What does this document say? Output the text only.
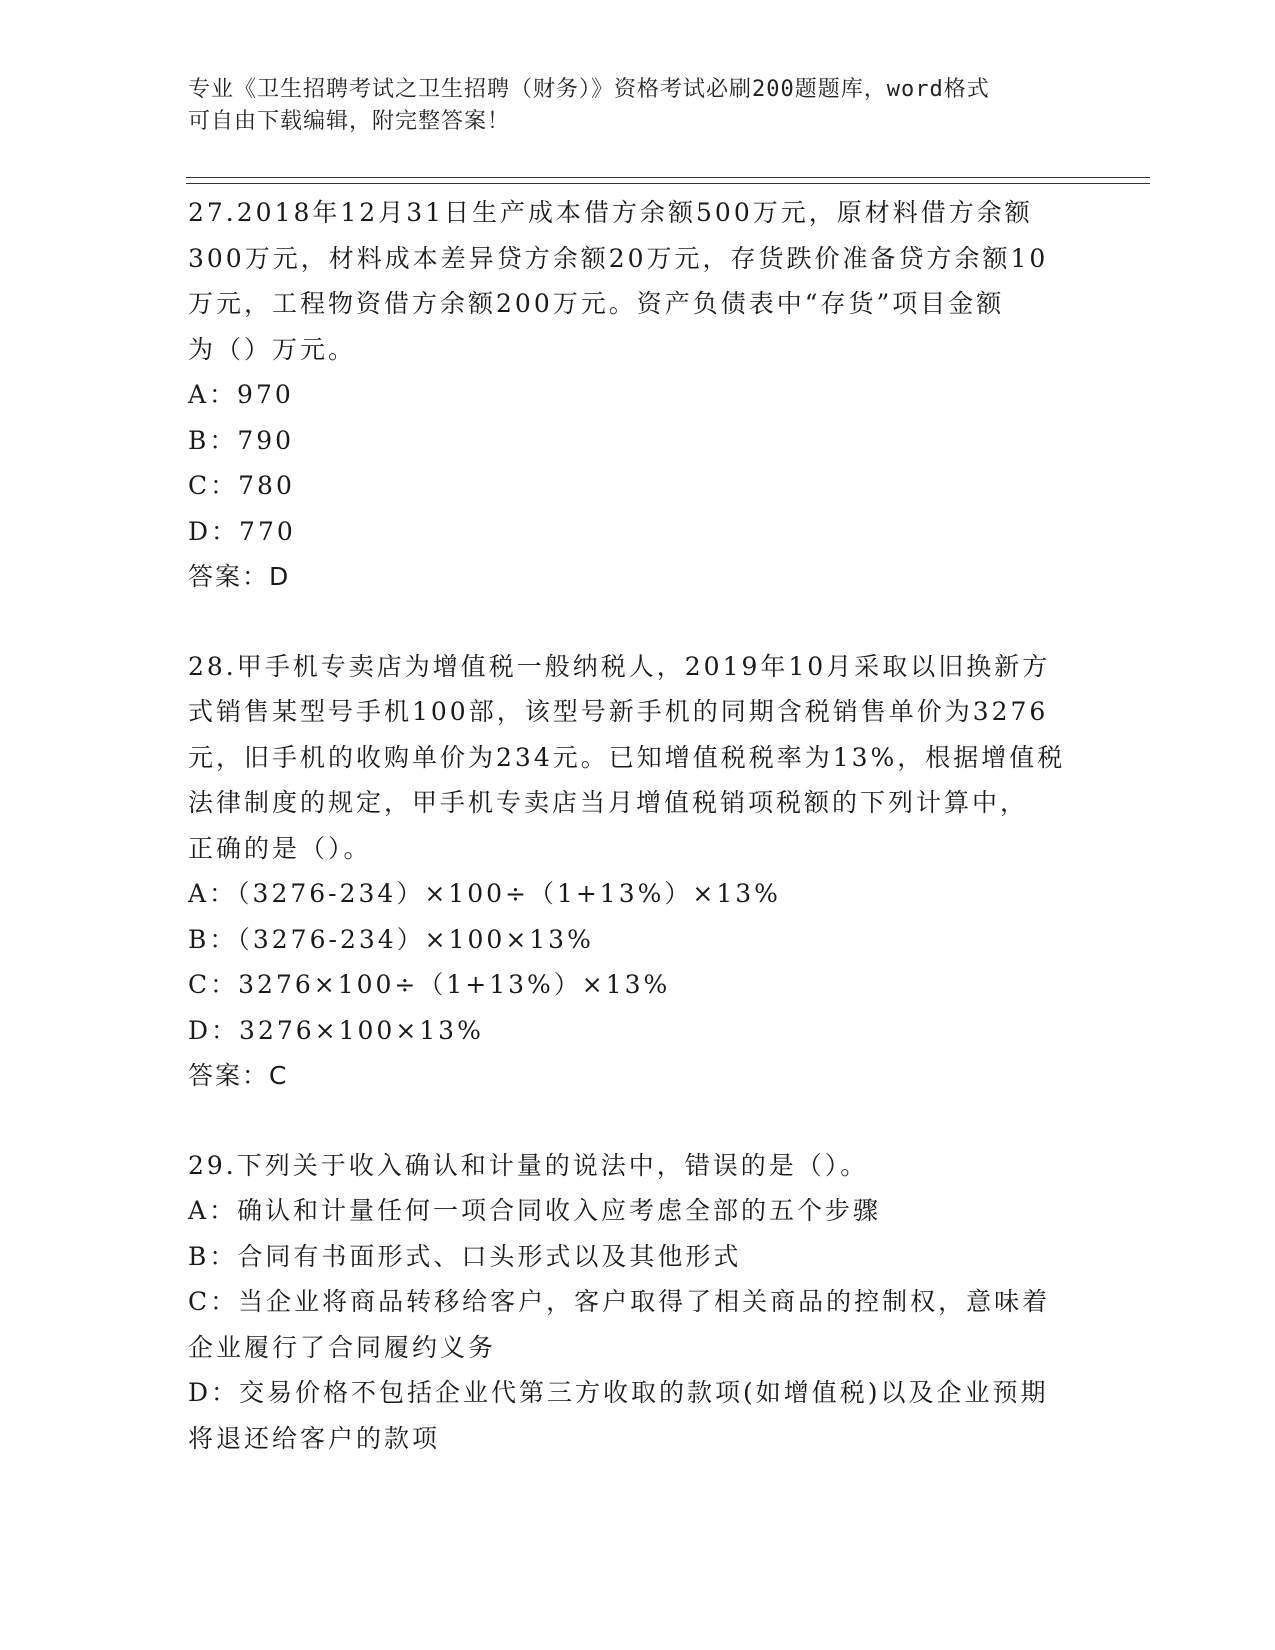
专业《卫生招聘考试之卫生招聘（财务）》资格考试必刷200题题库，word格式
可自由下载编辑，附完整答案！
27.2018年12月31日生产成本借方余额500万元，原材料借方余额
300万元，材料成本差异贷方余额20万元，存货跌价准备贷方余额10
万元，工程物资借方余额200万元。资产负债表中“存货”项目金额
为（）万元。
A：970
B：790
C：780
D：770
答案：D
28.甲手机专卖店为增值税一般纳税人，2019年10月采取以旧换新方
式销售某型号手机100部，该型号新手机的同期含税销售单价为3276
元，旧手机的收购单价为234元。已知增值税税率为13%，根据增值税
法律制度的规定，甲手机专卖店当月增值税销项税额的下列计算中，
正确的是（）。
A：（3276-234）×100÷（1+13%）×13%
B：（3276-234）×100×13%
C：3276×100÷（1+13%）×13%
D：3276×100×13%
答案：C
29.下列关于收入确认和计量的说法中，错误的是（）。
A：确认和计量任何一项合同收入应考虑全部的五个步骤
B：合同有书面形式、口头形式以及其他形式
C：当企业将商品转移给客户，客户取得了相关商品的控制权，意味着
企业履行了合同履约义务
D：交易价格不包括企业代第三方收取的款项(如增值税)以及企业预期
将退还给客户的款项
